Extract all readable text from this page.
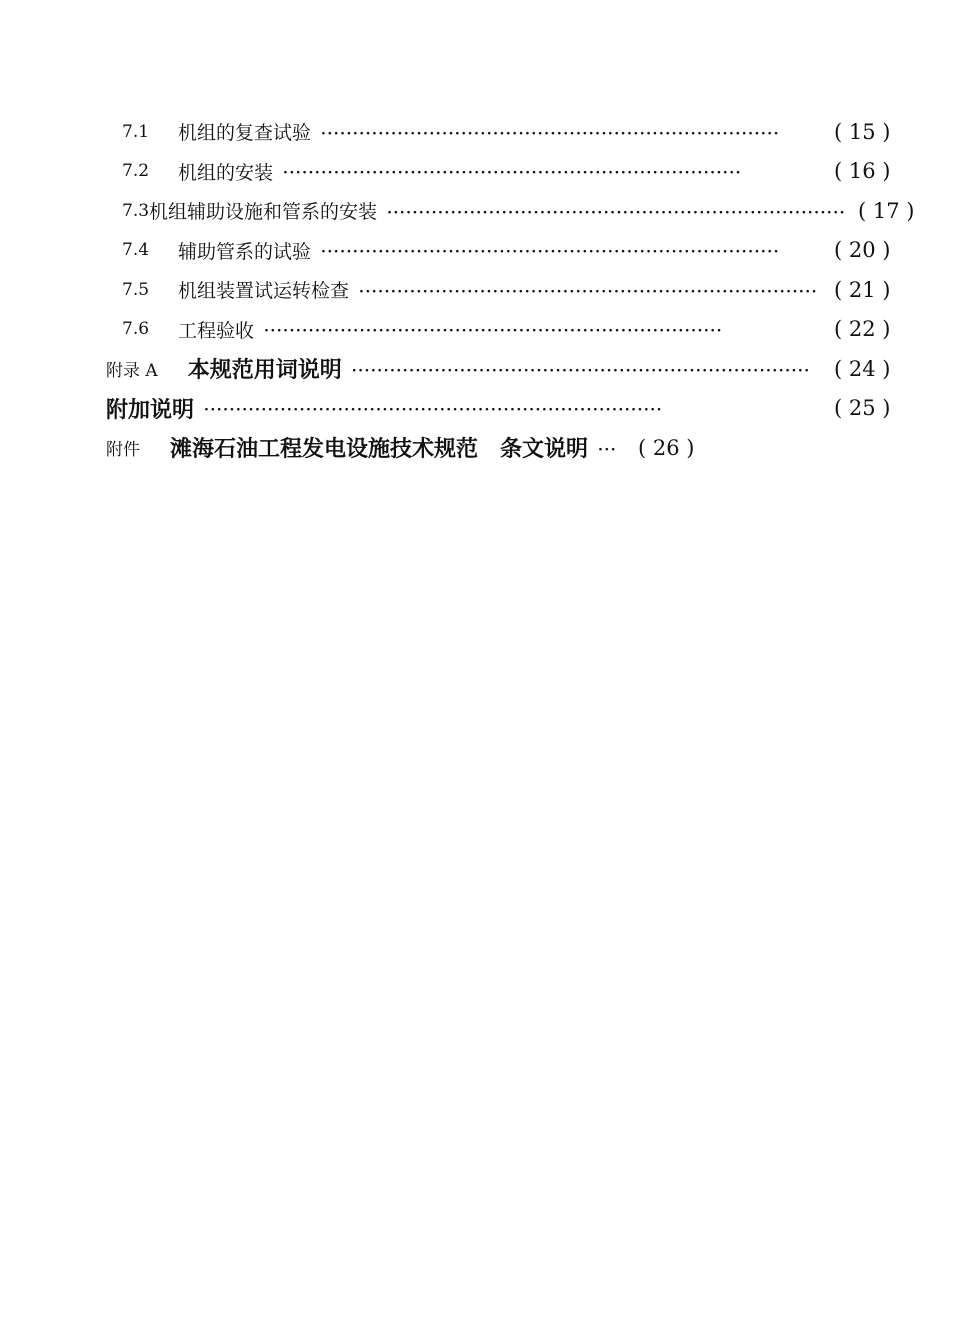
7.1	机组的复查试验 ········································································	( 15 )
7.2	机组的安装 ········································································	( 16 )
7.3 机组辅助设施和管系的安装 ········································································ ( 17 )
7.4	辅助管系的试验 ········································································	( 20 )
7.5	机组装置试运转检查 ········································································ ( 21 )
7.6	工程验收 ········································································	( 22 )
附录 A 本规范用词说明 ········································································	( 24 )
附加说明 ········································································	( 25 )
附件 滩海石油工程发电设施技术规范　条文说明 ··· ( 26 )
